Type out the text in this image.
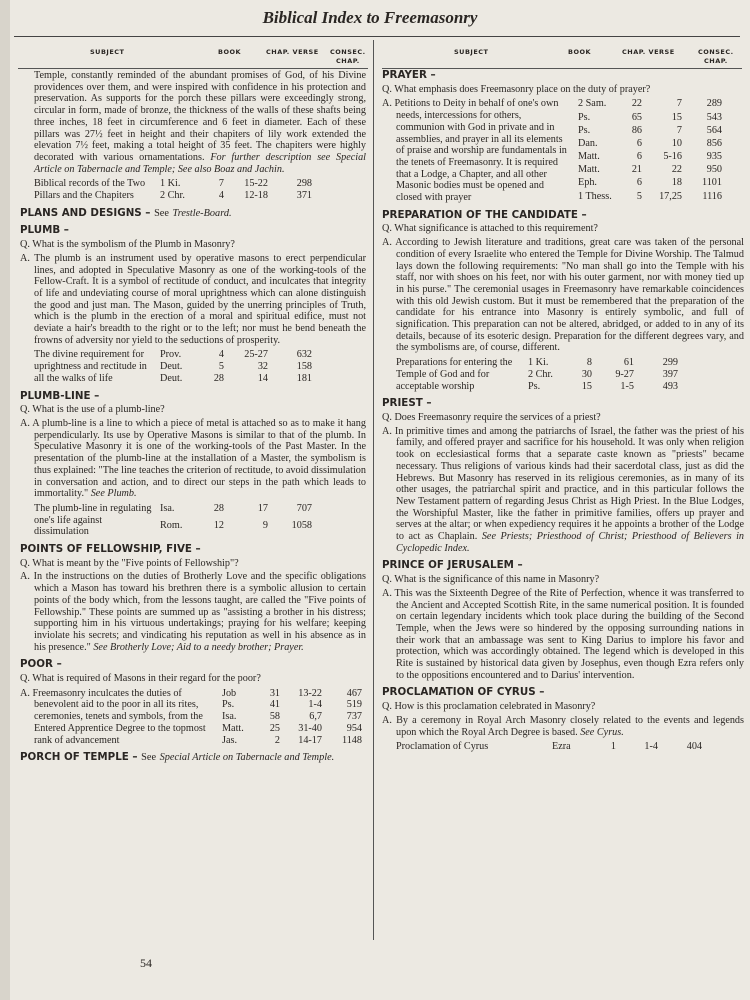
Biblical Index to Freemasonry
SUBJECT	BOOK	CHAP. VERSE CONSEC.
CHAP.
SUBJECT	BOOK	CHAP. VERSE	CONSEC.
CHAP.

Temple, constantly reminded of the abundant promises of God, of his Divine providences over them, and were inspired with confidence in his protection and preservation. As supports for the porch these pillars were exceedingly strong, circular in form, made of bronze, the thickness of the walls of these shafts being three inches, 18 feet in circumference and 6 feet in diameter. Each of these pillars was 27½ feet in height and their chapiters of lily work extended the elevation 7½ feet, making a total height of 35 feet. The chapiters were highly decorated with various ornamentations. For further description see Special Article on Tabernacle and Temple; See also Boaz and Jachin.

Biblical records of the Two Pillars and the Chapiters	1 Ki.	7	15-22	298
	2 Chr.	4	12-18	371
PLANS AND DESIGNS – See Trestle-Board.
PLUMB –

Q. What is the symbolism of the Plumb in Masonry?

A. The plumb is an instrument used by operative masons to erect perpendicular lines, and adopted in Speculative Masonry as one of the working-tools of the Fellow-Craft. It is a symbol of rectitude of conduct, and inculcates that integrity of life and undeviating course of moral uprightness which can alone distinguish the good and just man. The Mason, guided by the unerring principles of Truth, which is the plumb in the erection of a moral and spiritual edifice, must not deviate a hair's breadth to the right or to the left; nor must he bend beneath the frowns of adversity nor yield to the seductions of prosperity.

The divine requirement for uprightness and rectitude in all the walks of life	Prov.	4	25-27	632
	Deut.	5	32	158
	Deut.	28	14	181
PLUMB-LINE –

Q. What is the use of a plumb-line?

A. A plumb-line is a line to which a piece of metal is attached so as to make it hang perpendicularly. Its use by Operative Masons is similar to that of the plumb. In Speculative Masonry it is one of the working-tools of the Past Master. In the presentation of the plumb-line at the installation of a Master, the symbolism is thus explained: "The line teaches the criterion of rectitude, to avoid dissimulation in conversation and action, and to direct our steps in the path which leads to immortality." See Plumb.

The plumb-line in regulating one's life against dissimulation	Isa.	28	17	707
	Rom.	12	9	1058
POINTS OF FELLOWSHIP, FIVE –

Q. What is meant by the "Five points of Fellowship"?

A. In the instructions on the duties of Brotherly Love and the specific obligations which a Mason has toward his brethren there is a symbolic allusion to certain points of the body which, from the lessons taught, are called the "Five points of Fellowship." These points are summed up as "assisting a brother in his distress; supporting him in his virtuous undertakings; praying for his welfare; keeping inviolate his secrets; and vindicating his reputation as well in his absence as in his presence." See Brotherly Love; Aid to a needy brother; Prayer.

POOR –

Q. What is required of Masons in their regard for the poor?

A. Freemasonry inculcates the duties of benevolent aid to the poor in all its rites, ceremonies, tenets and symbols, from the Entered Apprentice Degree to the topmost rank of advancement	Job	31	13-22	467
	Ps.	41	1-4	519
	Isa.	58	6,7	737
	Matt.	25	31-40	954
	Jas.	2	14-17	1148
PORCH OF TEMPLE – See Special Article on Tabernacle and Temple.
PRAYER –

Q. What emphasis does Freemasonry place on the duty of prayer?

A. Petitions to Deity in behalf of one's own needs, intercessions for others, communion with God in private and in assemblies, and prayer in all its elements of praise and worship are fundamentals in the tenets of Freemasonry. It is required that a Lodge, a Chapter, and all other Masonic bodies must be opened and closed with prayer	2 Sam.	22	7	289
	Ps.	65	15	543
	Ps.	86	7	564
	Dan.	6	10	856
	Matt.	6	5-16	935
	Matt.	21	22	950
	Eph.	6	18	1101
	1 Thess.	5	17,25	1116
PREPARATION OF THE CANDIDATE –

Q. What significance is attached to this requirement?

A. According to Jewish literature and traditions, great care was taken of the personal condition of every Israelite who entered the Temple for Divine Worship. The Talmud lays down the following requirements: "No man shall go into the Temple with his staff, nor with shoes on his feet, nor with his outer garment, nor with money tied up in his purse." The ceremonial usages in Freemasonry have remarkable coincidences with this old Jewish custom. But it must be remembered that the preparation of the candidate for his entrance into Masonry is entirely symbolic, and full of signification. This preparation can not be altered, abridged, or added to in any of its details, because of its esoteric design. Preparation for the different degrees vary, and the symbolisms are, of course, different.

Preparations for entering the Temple of God and for acceptable worship	1 Ki.	8	61	299
	2 Chr.	30	9-27	397
	Ps.	15	1-5	493
PRIEST –

Q. Does Freemasonry require the services of a priest?

A. In primitive times and among the patriarchs of Israel, the father was the priest of his family, and offered prayer and sacrifice for his household. It was only when religion took on ecclesiastical forms that a separate caste known as "priests" became necessary. Thus religions of various kinds had their sacerdotal class, just as did the Hebrews. But Masonry has reserved in its religious ceremonies, as in many of its other usages, the patriarchal spirit and practice, and in this particular follows the New Testament pattern of regarding Jesus Christ as High Priest. In the Blue Lodges, the Worshipful Master, like the father in primitive families, offers up prayer and serves at the altar; or when expediency requires it he appoints a brother of the Lodge to act as Chaplain. See Priests; Priesthood of Christ; Priesthood of Believers in Cyclopedic Index.

PRINCE OF JERUSALEM –

Q. What is the significance of this name in Masonry?

A. This was the Sixteenth Degree of the Rite of Perfection, whence it was transferred to the Ancient and Accepted Scottish Rite, in the same numerical position. It is founded on certain legendary incidents which took place during the building of the Second Temple, when the Jews were so hindered by the opposing surrounding nations in their work that an ambassage was sent to King Darius to implore his favor and protection, which was accordingly obtained. The legend which is developed in this Rite is sustained by historical data given by Josephus, even though Ezra refers only to the oppositions encountered and to Darius' intervention.

PROCLAMATION OF CYRUS –

Q. How is this proclamation celebrated in Masonry?

A. By a ceremony in Royal Arch Masonry closely related to the events and legends upon which the Royal Arch Degree is based. See Cyrus.

Proclamation of Cyrus	Ezra	1	1-4	404
54
